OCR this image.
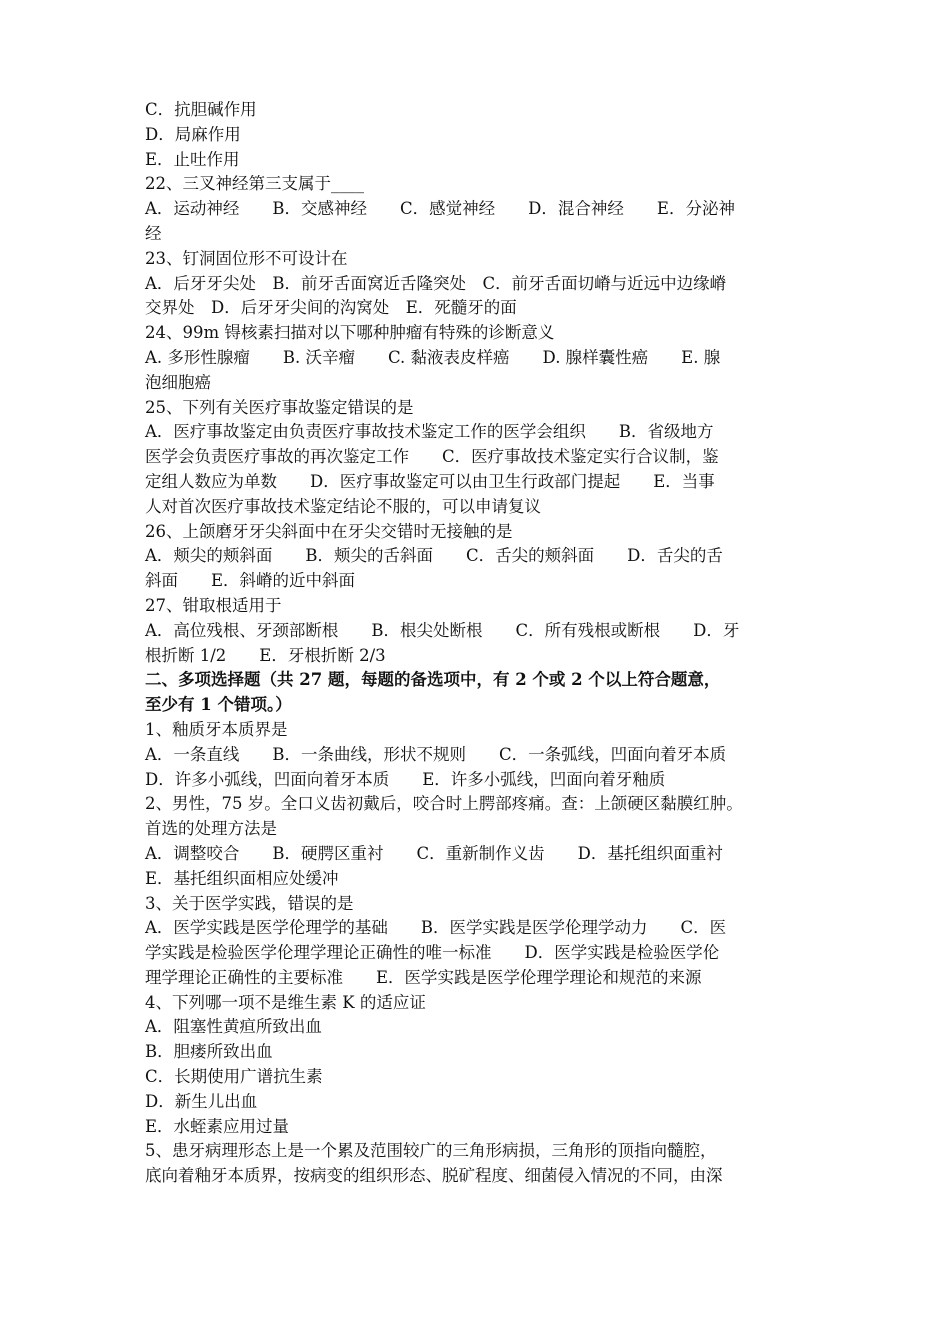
C．抗胆碱作用
D．局麻作用
E．止吐作用
22、三叉神经第三支属于____
A．运动神经　　B．交感神经　　C．感觉神经　　D．混合神经　　E．分泌神
经
23、钉洞固位形不可设计在
A．后牙牙尖处　B．前牙舌面窝近舌隆突处　C．前牙舌面切嵴与近远中边缘嵴
交界处　D．后牙牙尖间的沟窝处　E．死髓牙的面
24、99m 锝核素扫描对以下哪种肿瘤有特殊的诊断意义
A. 多形性腺瘤　　B. 沃辛瘤　　C. 黏液表皮样癌　　D. 腺样囊性癌　　E. 腺
泡细胞癌
25、下列有关医疗事故鉴定错误的是
A．医疗事故鉴定由负责医疗事故技术鉴定工作的医学会组织　　B．省级地方
医学会负责医疗事故的再次鉴定工作　　C．医疗事故技术鉴定实行合议制，鉴
定组人数应为单数　　D．医疗事故鉴定可以由卫生行政部门提起　　E．当事
人对首次医疗事故技术鉴定结论不服的，可以申请复议
26、上颌磨牙牙尖斜面中在牙尖交错时无接触的是
A．颊尖的颊斜面　　B．颊尖的舌斜面　　C．舌尖的颊斜面　　D．舌尖的舌
斜面　　E．斜嵴的近中斜面
27、钳取根适用于
A．高位残根、牙颈部断根　　B．根尖处断根　　C．所有残根或断根　　D．牙
根折断 1/2　　E．牙根折断 2/3
二、多项选择题（共 27 题，每题的备选项中，有 2 个或 2 个以上符合题意，
至少有 1 个错项。）
1、釉质牙本质界是
A．一条直线　　B．一条曲线，形状不规则　　C．一条弧线，凹面向着牙本质
D．许多小弧线，凹面向着牙本质　　E．许多小弧线，凹面向着牙釉质
2、男性，75 岁。全口义齿初戴后，咬合时上腭部疼痛。查：上颌硬区黏膜红肿。
首选的处理方法是
A．调整咬合　　B．硬腭区重衬　　C．重新制作义齿　　D．基托组织面重衬
E．基托组织面相应处缓冲
3、关于医学实践，错误的是
A．医学实践是医学伦理学的基础　　B．医学实践是医学伦理学动力　　C．医
学实践是检验医学伦理学理论正确性的唯一标准　　D．医学实践是检验医学伦
理学理论正确性的主要标准　　E．医学实践是医学伦理学理论和规范的来源
4、下列哪一项不是维生素 K 的适应证
A．阻塞性黄疸所致出血
B．胆瘘所致出血
C．长期使用广谱抗生素
D．新生儿出血
E．水蛭素应用过量
5、患牙病理形态上是一个累及范围较广的三角形病损，三角形的顶指向髓腔，
底向着釉牙本质界，按病变的组织形态、脱矿程度、细菌侵入情况的不同，由深
